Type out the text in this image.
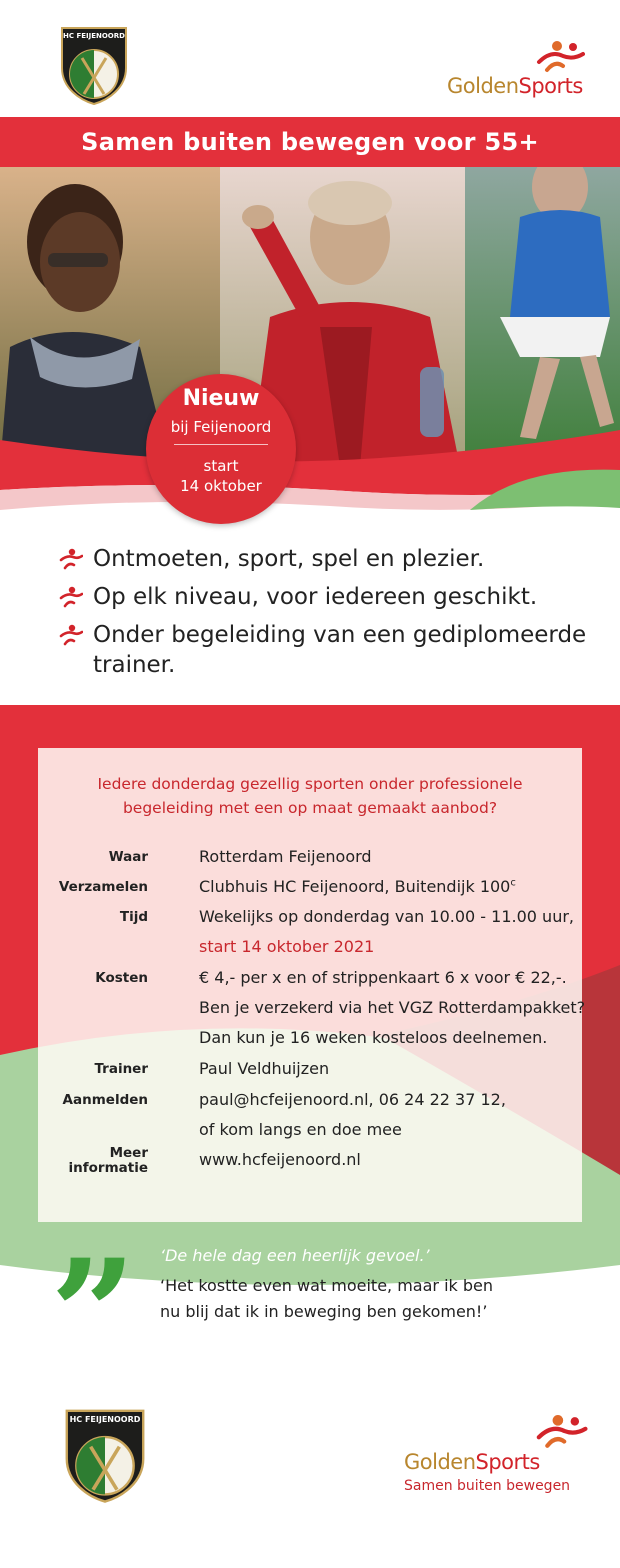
HC FEIJENOORD
GoldenSports
Samen buiten bewegen voor 55+
Nieuw
bij Feijenoord
start
14 oktober
Ontmoeten, sport, spel en plezier.
Op elk niveau, voor iedereen geschikt.
Onder begeleiding van een gediplomeerde
trainer.
Iedere donderdag gezellig sporten onder professionele
begeleiding met een op maat gemaakt aanbod?
Waar	Rotterdam Feijenoord
Verzamelen	Clubhuis HC Feijenoord, Buitendijk 100$^c$
Tijd	Wekelijks op donderdag van 10.00 - 11.00 uur,
start 14 oktober 2021
Kosten	€ 4,- per x en of strippenkaart 6 x voor € 22,-.
Ben je verzekerd via het VGZ Rotterdampakket?
Dan kun je 16 weken kosteloos deelnemen.
Trainer	Paul Veldhuijzen
Aanmelden	paul@hcfeijenoord.nl, 06 24 22 37 12,
of kom langs en doe mee
Meer
informatie	www.hcfeijenoord.nl
” ‘De hele dag een heerlijk gevoel.’
‘Het kostte even wat moeite, maar ik ben
nu blij dat ik in beweging ben gekomen!’
‘Gezellig om met een groep te sporten.’
HC FEIJENOORD
GoldenSports
Samen buiten bewegen
